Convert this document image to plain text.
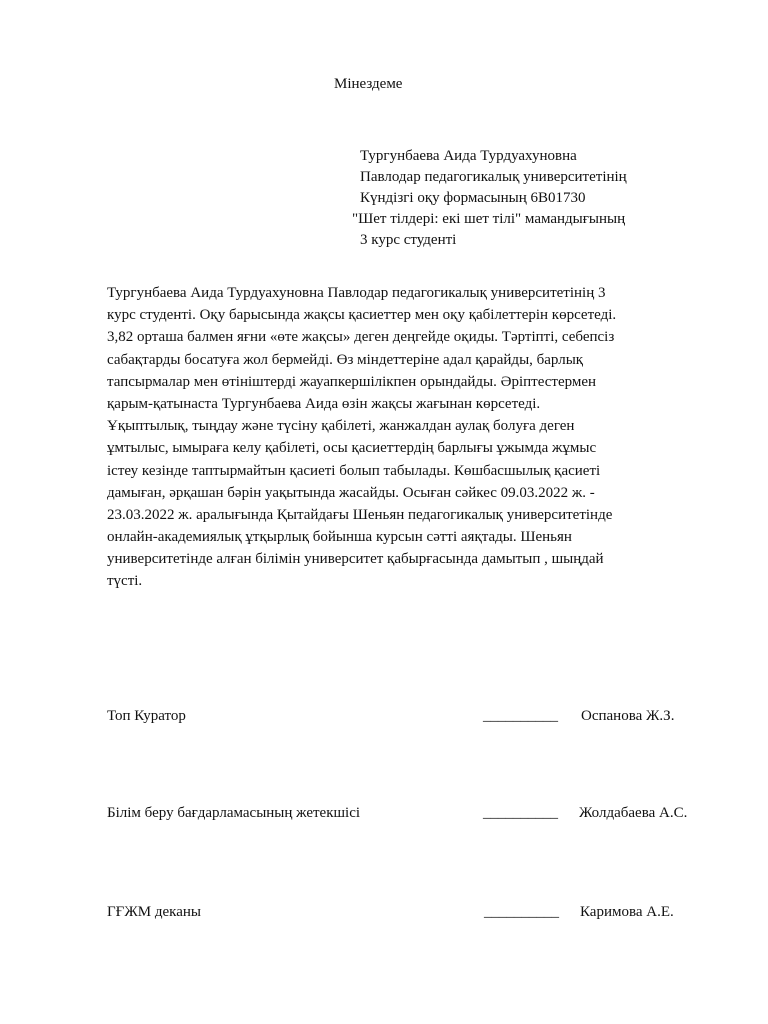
Мінездеме
Тургунбаева Аида Турдуахуновна
Павлодар педагогикалық университетінің
Күндізгі оқу формасының 6В01730
"Шет тілдері: екі шет тілі" мамандығының
3 курс студенті
Тургунбаева Аида Турдуахуновна Павлодар педагогикалық университетінің 3
курс студенті. Оқу барысында жақсы қасиеттер мен оқу қабілеттерін көрсетеді.
3,82 орташа балмен яғни «өте жақсы» деген деңгейде оқиды. Тәртіпті, себепсіз
сабақтарды босатуға жол бермейді. Өз міндеттеріне адал қарайды, барлық
тапсырмалар мен өтініштерді жауапкершілікпен орындайды. Әріптестермен
қарым-қатынаста Тургунбаева Аида өзін жақсы жағынан көрсетеді.
Ұқыптылық, тыңдау және түсіну қабілеті, жанжалдан аулақ болуға деген
ұмтылыс, ымыраға келу қабілеті, осы қасиеттердің барлығы ұжымда жұмыс
істеу кезінде таптырмайтын қасиеті болып табылады. Көшбасшылық қасиеті
дамыған, әрқашан бәрін уақытында жасайды. Осыған сәйкес 09.03.2022 ж. -
23.03.2022 ж. аралығында Қытайдағы Шеньян педагогикалық университетінде
онлайн-академиялық ұтқырлық бойынша курсын сәтті аяқтады. Шеньян
университетінде алған білімін университет қабырғасында дамытып , шыңдай
түсті.
Топ Куратор	__________ Оспанова Ж.З.
Білім беру бағдарламасының жетекшісі	__________ Жолдабаева А.С.
ГҒЖМ деканы	__________ Каримова А.Е.
